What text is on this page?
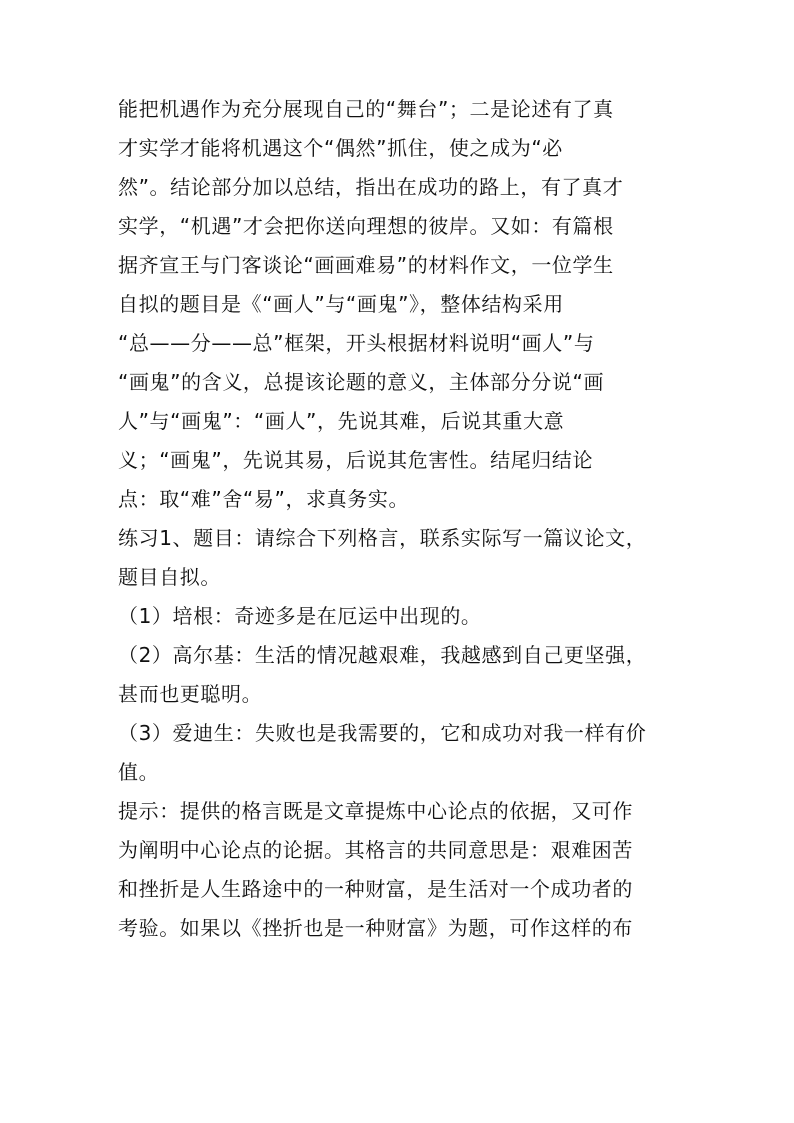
能把机遇作为充分展现自己的“舞台”；二是论述有了真
才实学才能将机遇这个“偶然”抓住，使之成为“必
然”。结论部分加以总结，指出在成功的路上，有了真才
实学，“机遇”才会把你送向理想的彼岸。又如：有篇根
据齐宣王与门客谈论“画画难易”的材料作文，一位学生
自拟的题目是《“画人”与“画鬼”》，整体结构采用
“总——分——总”框架，开头根据材料说明“画人”与
“画鬼”的含义，总提该论题的意义，主体部分分说“画
人”与“画鬼”：“画人”，先说其难，后说其重大意
义；“画鬼”，先说其易，后说其危害性。结尾归结论
点：取“难”舍“易”，求真务实。
练习1、题目：请综合下列格言，联系实际写一篇议论文，
题目自拟。
（1）培根：奇迹多是在厄运中出现的。
（2）高尔基：生活的情况越艰难，我越感到自己更坚强，
甚而也更聪明。
（3）爱迪生：失败也是我需要的，它和成功对我一样有价
值。
提示：提供的格言既是文章提炼中心论点的依据，又可作
为阐明中心论点的论据。其格言的共同意思是：艰难困苦
和挫折是人生路途中的一种财富，是生活对一个成功者的
考验。如果以《挫折也是一种财富》为题，可作这样的布
